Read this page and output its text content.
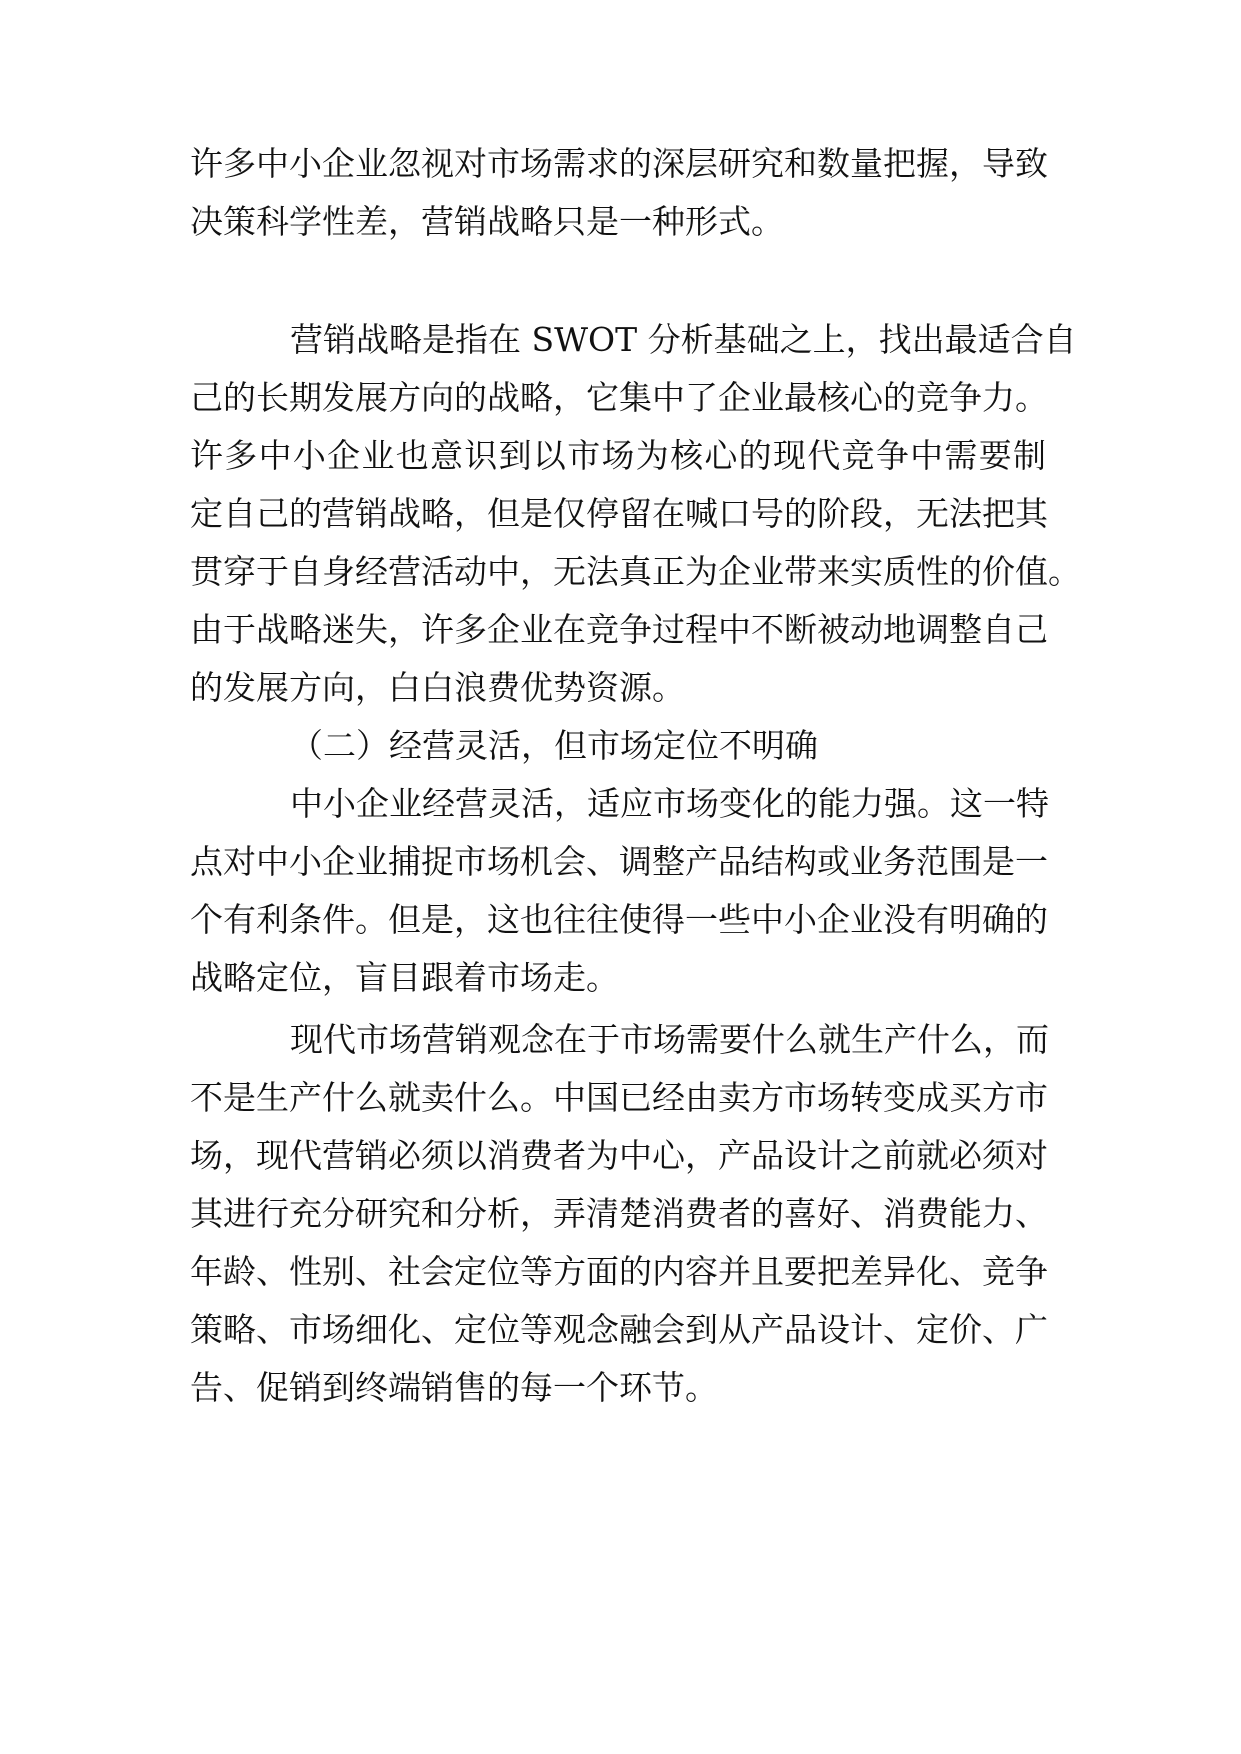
许多中小企业忽视对市场需求的深层研究和数量把握，导致
决策科学性差，营销战略只是一种形式。
营销战略是指在 SWOT 分析基础之上，找出最适合自
己的长期发展方向的战略，它集中了企业最核心的竞争力。
许多中小企业也意识到以市场为核心的现代竞争中需要制
定自己的营销战略，但是仅停留在喊口号的阶段，无法把其
贯穿于自身经营活动中，无法真正为企业带来实质性的价值。
由于战略迷失，许多企业在竞争过程中不断被动地调整自己
的发展方向，白白浪费优势资源。
（二）经营灵活，但市场定位不明确
中小企业经营灵活，适应市场变化的能力强。这一特
点对中小企业捕捉市场机会、调整产品结构或业务范围是一
个有利条件。但是，这也往往使得一些中小企业没有明确的
战略定位，盲目跟着市场走。
现代市场营销观念在于市场需要什么就生产什么，而
不是生产什么就卖什么。中国已经由卖方市场转变成买方市
场，现代营销必须以消费者为中心，产品设计之前就必须对
其进行充分研究和分析，弄清楚消费者的喜好、消费能力、
年龄、性别、社会定位等方面的内容并且要把差异化、竞争
策略、市场细化、定位等观念融会到从产品设计、定价、广
告、促销到终端销售的每一个环节。
